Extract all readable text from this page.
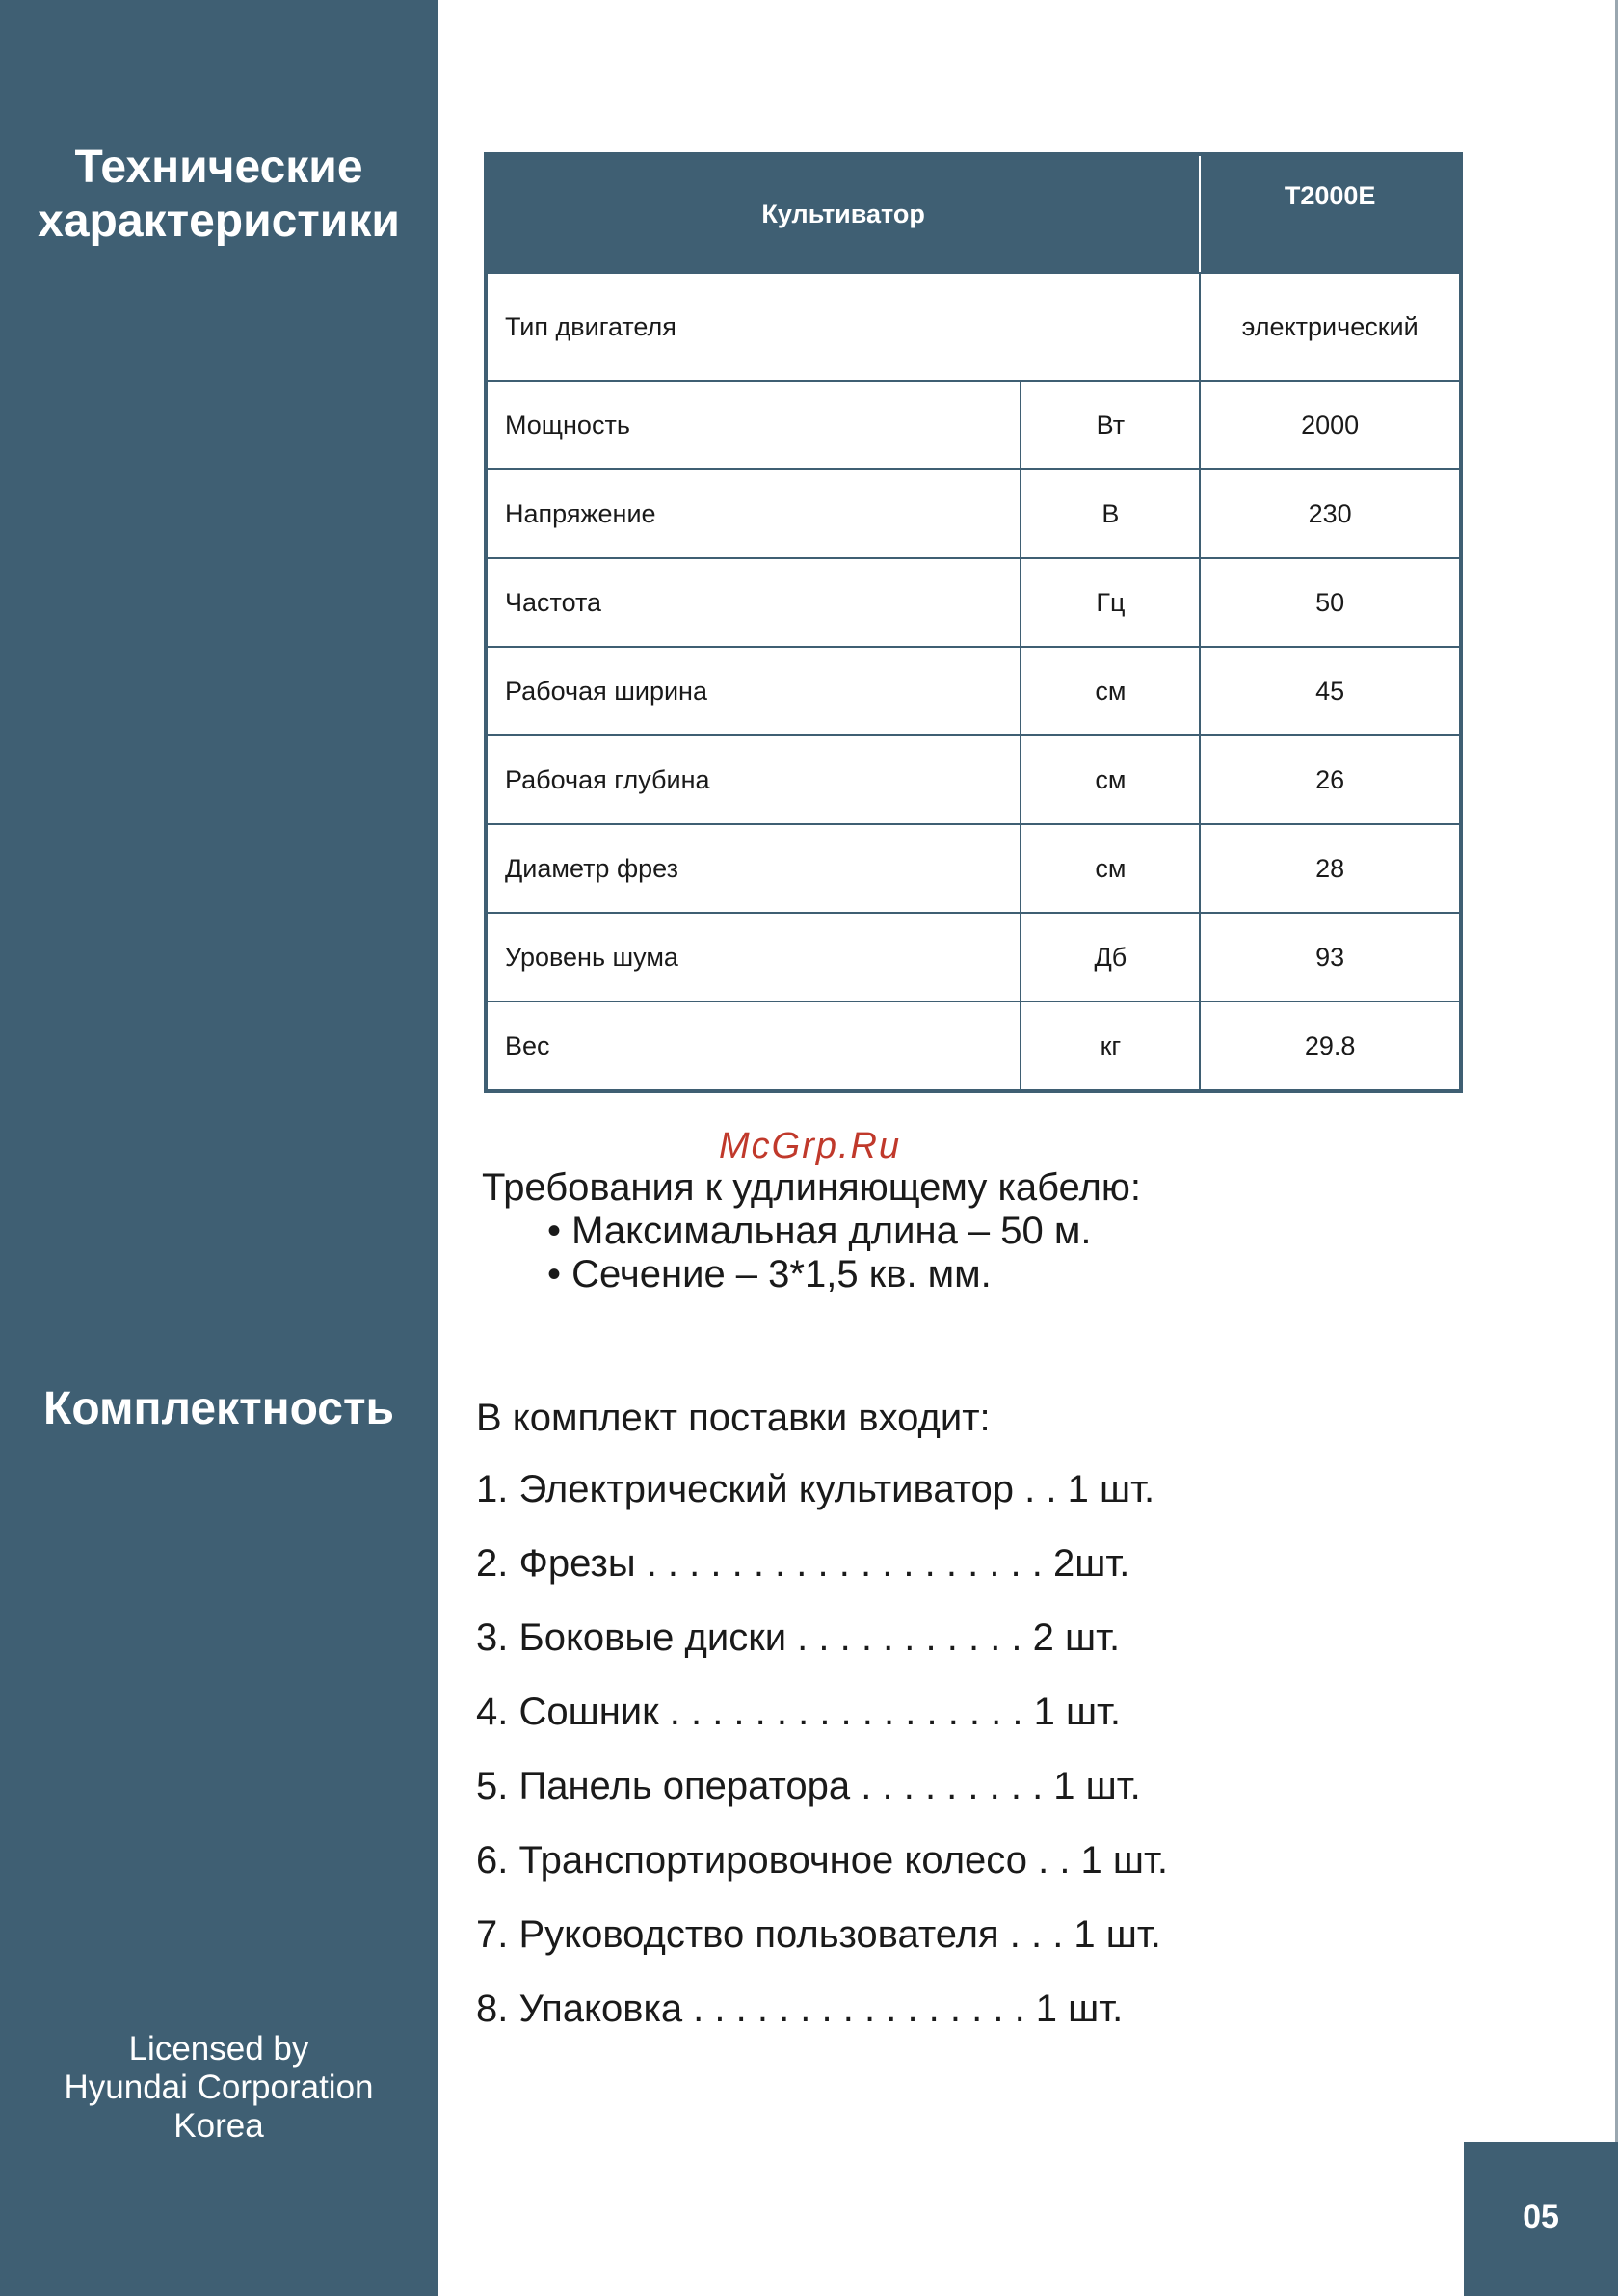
Технические
характеристики
Комплектность
Licensed by
Hyundai Corporation
Korea
Культиватор		T2000E
Тип двигателя		электрический
Мощность	Вт	2000
Напряжение	В	230
Частота	Гц	50
Рабочая ширина	см	45
Рабочая глубина	см	26
Диаметр фрез	см	28
Уровень шума	Дб	93
Вес	кг	29.8
McGrp.Ru
Требования к удлиняющему кабелю:
• Максимальная длина – 50 м.
• Сечение – 3*1,5 кв. мм.
В комплект поставки входит:
1. Электрический культиватор . . 1 шт.
2. Фрезы . . . . . . . . . . . . . . . . . . . 2шт.
3. Боковые диски . . . . . . . . . . . 2 шт.
4. Сошник . . . . . . . . . . . . . . . . . 1 шт.
5. Панель оператора . . . . . . . . . 1 шт.
6. Транспортировочное колесо . . 1 шт.
7. Руководство пользователя . . . 1 шт.
8. Упаковка . . . . . . . . . . . . . . . . 1 шт.
05
